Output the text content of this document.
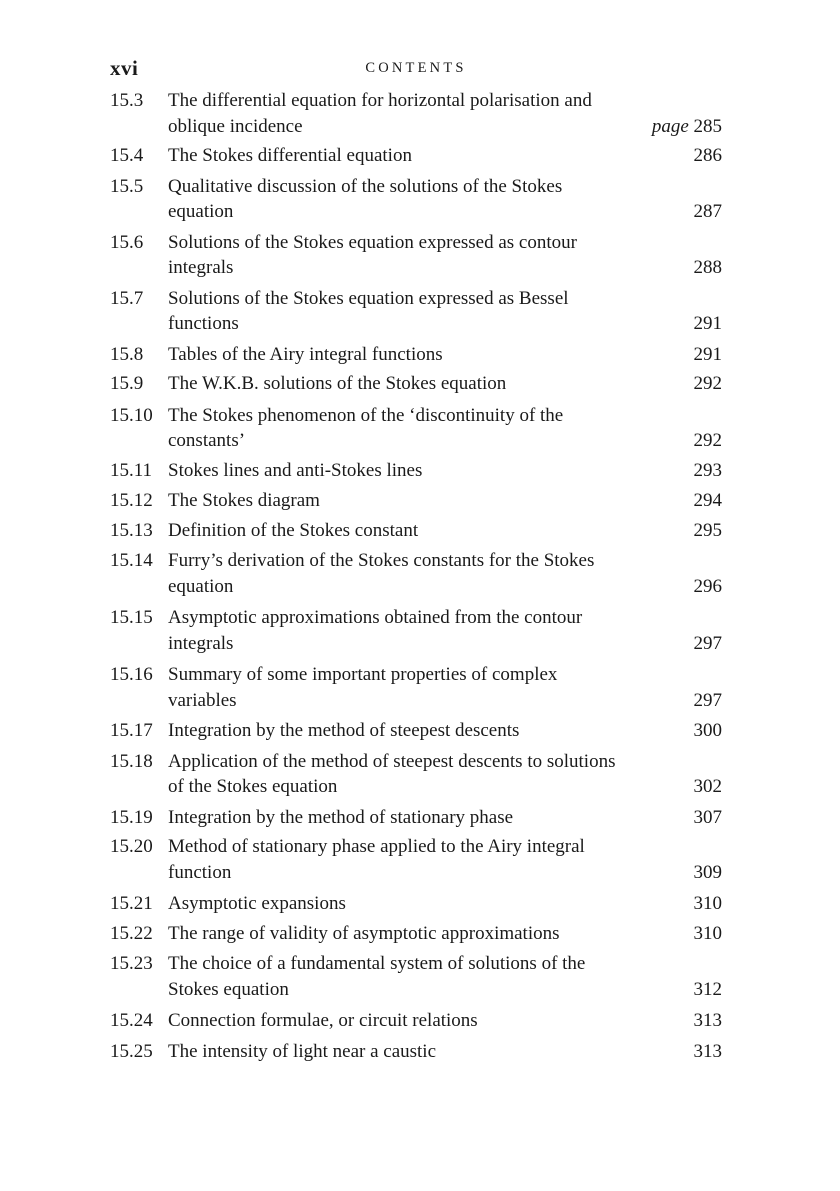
xvi	CONTENTS
15.3	The differential equation for horizontal polarisation and
oblique incidence	page 285
15.4	The Stokes differential equation	286
15.5	Qualitative discussion of the solutions of the Stokes
equation	287
15.6	Solutions of the Stokes equation expressed as contour
integrals	288
15.7	Solutions of the Stokes equation expressed as Bessel
functions	291
15.8	Tables of the Airy integral functions	291
15.9	The W.K.B. solutions of the Stokes equation	292
15.10 The Stokes phenomenon of the ‘discontinuity of the
constants’	292
15.11 Stokes lines and anti-Stokes lines	293
15.12 The Stokes diagram	294
15.13 Definition of the Stokes constant	295
15.14 Furry’s derivation of the Stokes constants for the Stokes
equation	296
15.15 Asymptotic approximations obtained from the contour
integrals	297
15.16 Summary of some important properties of complex
variables	297
15.17 Integration by the method of steepest descents	300
15.18 Application of the method of steepest descents to solutions
of the Stokes equation	302
15.19 Integration by the method of stationary phase	307
15.20 Method of stationary phase applied to the Airy integral
function	309
15.21 Asymptotic expansions	310
15.22 The range of validity of asymptotic approximations	310
15.23 The choice of a fundamental system of solutions of the
Stokes equation	312
15.24 Connection formulae, or circuit relations	313
15.25 The intensity of light near a caustic	313
